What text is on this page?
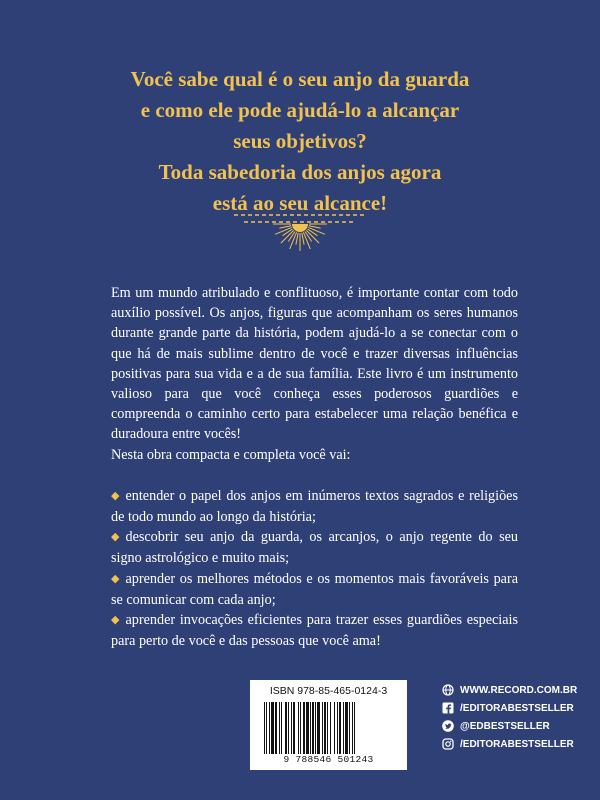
Você sabe qual é o seu anjo da guarda
e como ele pode ajudá-lo a alcançar
seus objetivos?
Toda sabedoria dos anjos agora
está ao seu alcance!

Em um mundo atribulado e conflituoso, é importante contar com todo auxílio possível. Os anjos, figuras que acompanham os seres humanos durante grande parte da história, podem ajudá-lo a se conectar com o que há de mais sublime dentro de você e trazer diversas influências positivas para sua vida e a de sua família. Este livro é um instrumento valioso para que você conheça esses poderosos guardiões e compreenda o caminho certo para estabelecer uma relação benéfica e duradoura entre vocês!

Nesta obra compacta e completa você vai:

◆ entender o papel dos anjos em inúmeros textos sagrados e religiões de todo mundo ao longo da história;

◆ descobrir seu anjo da guarda, os arcanjos, o anjo regente do seu signo astrológico e muito mais;

◆ aprender os melhores métodos e os momentos mais favoráveis para se comunicar com cada anjo;

◆ aprender invocações eficientes para trazer esses guardiões especiais para perto de você e das pessoas que você ama!

ISBN 978-85-465-0124-3
9 788546 501243
WWW.RECORD.COM.BR
/EDITORABESTSELLER
@EDBESTSELLER
/EDITORABESTSELLER
